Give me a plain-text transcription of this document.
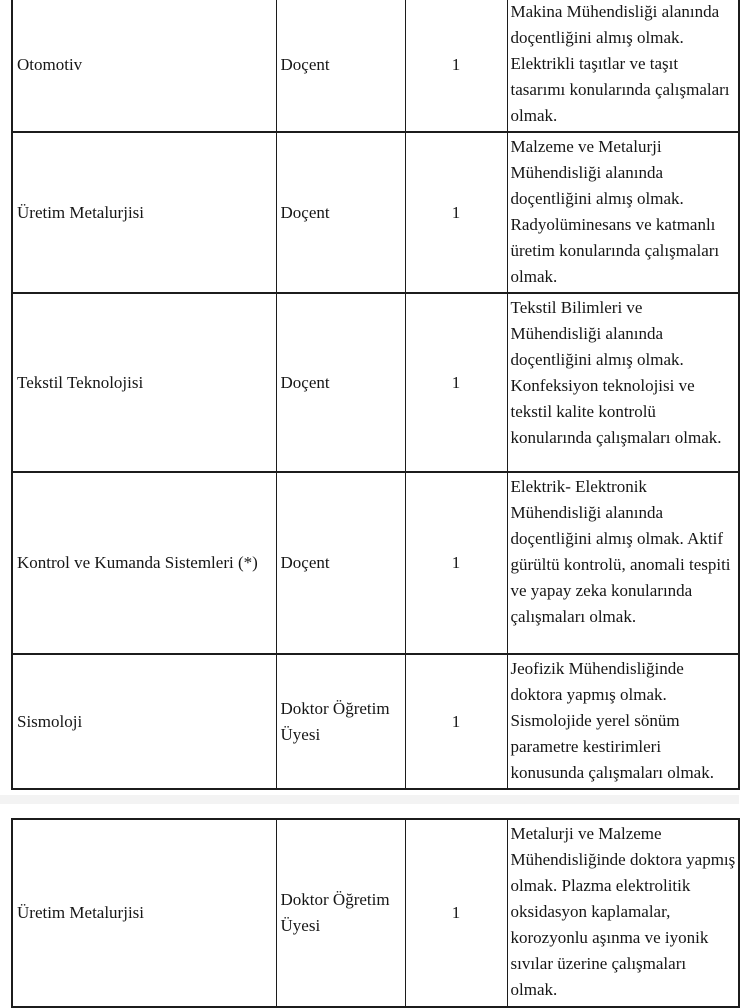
Otomotiv	Doçent	1	Makina Mühendisliği alanında doçentliğini almış olmak. Elektrikli taşıtlar ve taşıt tasarımı konularında çalışmaları olmak.
Üretim Metalurjisi	Doçent	1	Malzeme ve Metalurji Mühendisliği alanında doçentliğini almış olmak. Radyolüminesans ve katmanlı üretim konularında çalışmaları olmak.
Tekstil Teknolojisi	Doçent	1	Tekstil Bilimleri ve Mühendisliği alanında doçentliğini almış olmak. Konfeksiyon teknolojisi ve tekstil kalite kontrolü konularında çalışmaları olmak.
Kontrol ve Kumanda Sistemleri (*)	Doçent	1	Elektrik- Elektronik Mühendisliği alanında doçentliğini almış olmak. Aktif gürültü kontrolü, anomali tespiti ve yapay zeka konularında çalışmaları olmak.
Sismoloji	Doktor Öğretim Üyesi	1	Jeofizik Mühendisliğinde doktora yapmış olmak. Sismolojide yerel sönüm parametre kestirimleri konusunda çalışmaları olmak.
Üretim Metalurjisi	Doktor Öğretim Üyesi	1	Metalurji ve Malzeme Mühendisliğinde doktora yapmış olmak. Plazma elektrolitik oksidasyon kaplamalar, korozyonlu aşınma ve iyonik sıvılar üzerine çalışmaları olmak.
